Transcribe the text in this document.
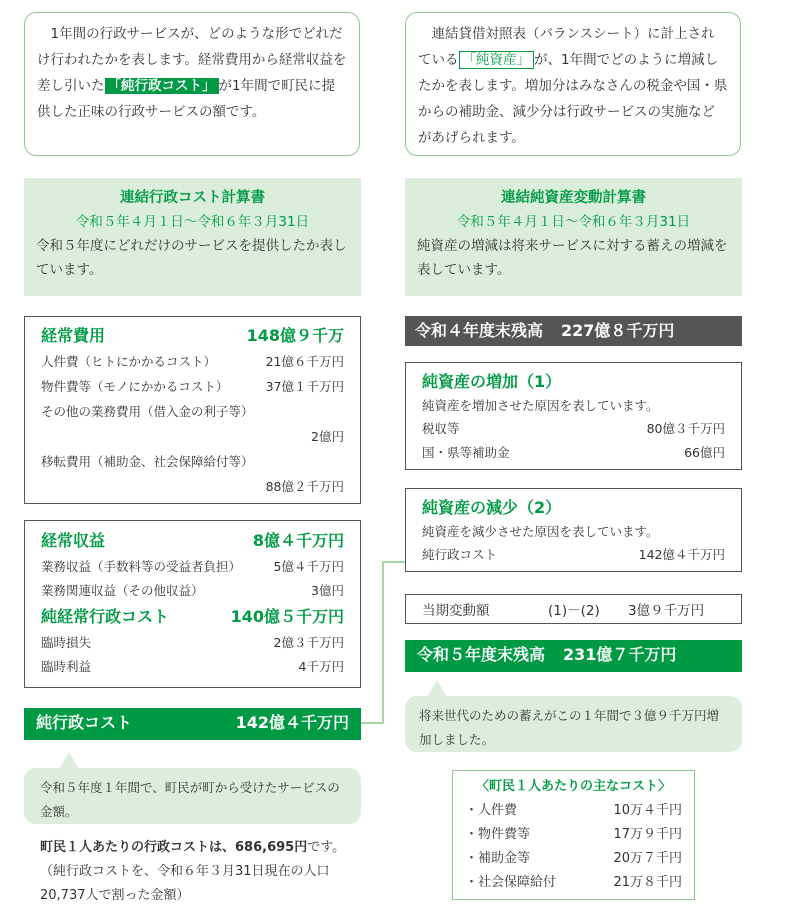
　1年間の行政サービスが、どのような形でどれだけ行われたかを表します。経常費用から経常収益を差し引いた 「純行政コスト」 が1年間で町民に提供した正味の行政サービスの額です。
　連結貸借対照表（バランスシート）に計上されている 「純資産」 が、1年間でどのように増減したかを表します。増加分はみなさんの税金や国・県からの補助金、減少分は行政サービスの実施などがあげられます。
連結行政コスト計算書
令和５年４月１日～令和６年３月31日
令和５年度にどれだけのサービスを提供したか表しています。
連結純資産変動計算書
令和５年４月１日～令和６年３月31日
純資産の増減は将来サービスに対する蓄えの増減を表しています。
経常費用	148億９千万
人件費（ヒトにかかるコスト）	21億６千万円
物件費等（モノにかかるコスト）	37億１千万円
その他の業務費用（借入金の利子等）
2億円
移転費用（補助金、社会保障給付等）
88億２千万円
経常収益	8億４千万円
業務収益（手数料等の受益者負担）	5億４千万円
業務関連収益（その他収益）	3億円
純経常行政コスト	140億５千万円
臨時損失	2億３千万円
臨時利益	4千万円
純行政コスト	142億４千万円
令和５年度１年間で、町民が町から受けたサービスの金額。
町民１人あたりの行政コストは、686,695円です。（純行政コストを、令和６年３月31日現在の人口20,737人で割った金額）
令和４年度末残高 227億８千万円
純資産の増加（1）
純資産を増加させた原因を表しています。
税収等	80億３千万円
国・県等補助金	66億円
純資産の減少（2）
純資産を減少させた原因を表しています。
純行政コスト	142億４千万円
当期変動額	(1)－(2)	3億９千万円
令和５年度末残高 231億７千万円
将来世代のための蓄えがこの１年間で３億９千万円増加しました。
〈町民１人あたりの主なコスト〉
・人件費	10万４千円
・物件費等	17万９千円
・補助金等	20万７千円
・社会保障給付	21万８千円
